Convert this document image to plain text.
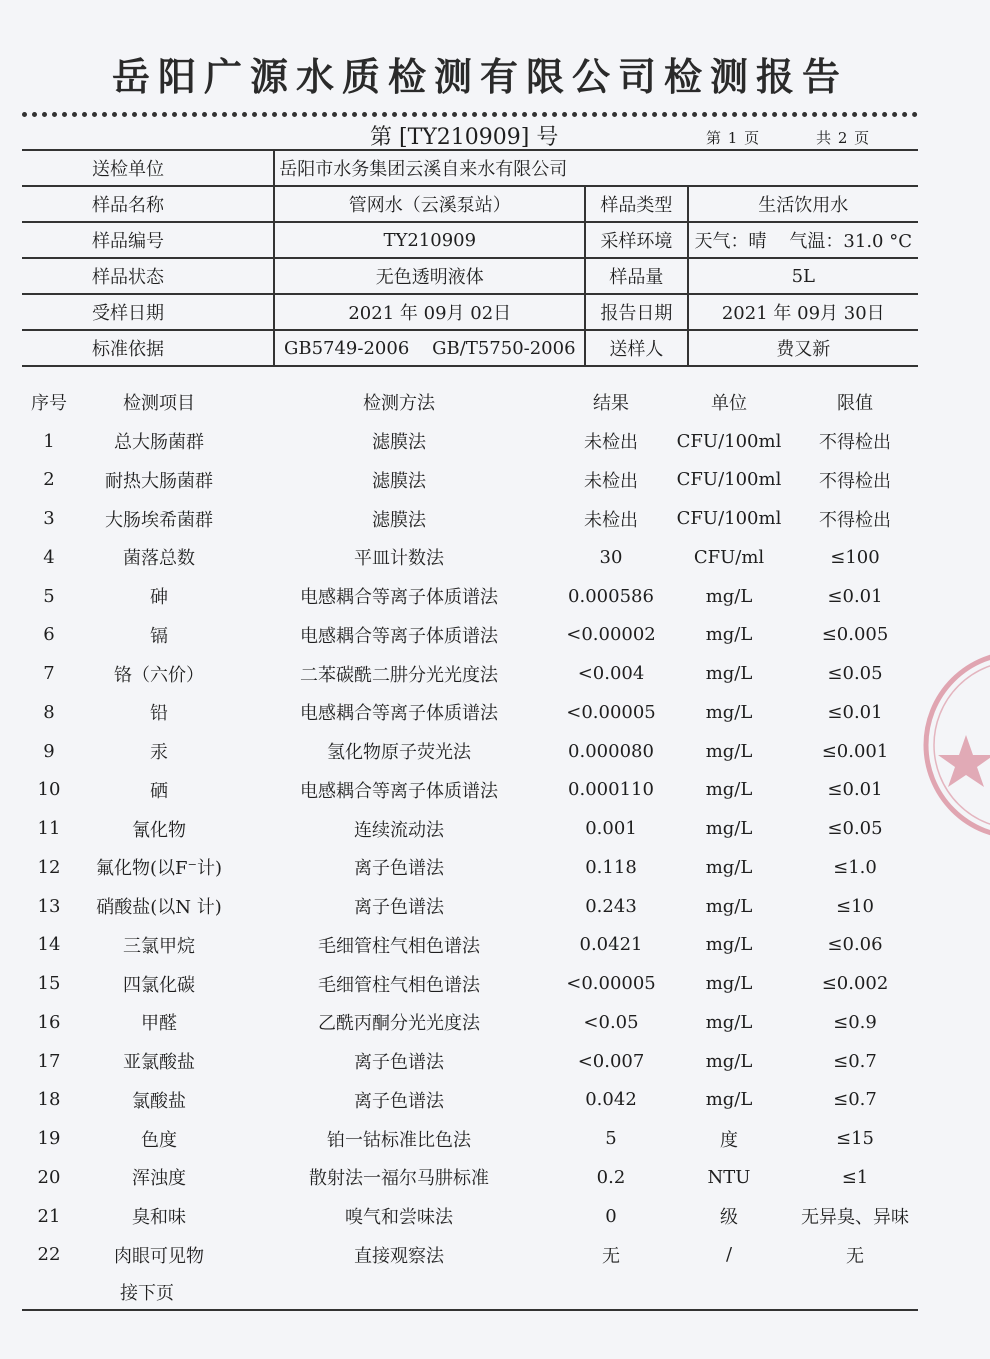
岳阳广源水质检测有限公司检测报告
第 [TY210909] 号	第 1 页	共 2 页
送检单位	岳阳市水务集团云溪自来水有限公司		
样品名称	管网水（云溪泵站）	样品类型	生活饮用水
样品编号	TY210909	采样环境	天气：晴    气温：31.0 °C
样品状态	无色透明液体	样品量	5L
受样日期	2021 年 09月 02日	报告日期	2021 年 09月 30日
标准依据	GB5749-2006    GB/T5750-2006	送样人	费又新
序号	检测项目	检测方法	结果	单位	限值
1	总大肠菌群	滤膜法	未检出	CFU/100ml	不得检出
2	耐热大肠菌群	滤膜法	未检出	CFU/100ml	不得检出
3	大肠埃希菌群	滤膜法	未检出	CFU/100ml	不得检出
4	菌落总数	平皿计数法	30	CFU/ml	≤100
5	砷	电感耦合等离子体质谱法	0.000586	mg/L	≤0.01
6	镉	电感耦合等离子体质谱法	<0.00002	mg/L	≤0.005
7	铬（六价）	二苯碳酰二肼分光光度法	<0.004	mg/L	≤0.05
8	铅	电感耦合等离子体质谱法	<0.00005	mg/L	≤0.01
9	汞	氢化物原子荧光法	0.000080	mg/L	≤0.001
10	硒	电感耦合等离子体质谱法	0.000110	mg/L	≤0.01
11	氰化物	连续流动法	0.001	mg/L	≤0.05
12	氟化物(以F⁻计)	离子色谱法	0.118	mg/L	≤1.0
13	硝酸盐(以N 计)	离子色谱法	0.243	mg/L	≤10
14	三氯甲烷	毛细管柱气相色谱法	0.0421	mg/L	≤0.06
15	四氯化碳	毛细管柱气相色谱法	<0.00005	mg/L	≤0.002
16	甲醛	乙酰丙酮分光光度法	<0.05	mg/L	≤0.9
17	亚氯酸盐	离子色谱法	<0.007	mg/L	≤0.7
18	氯酸盐	离子色谱法	0.042	mg/L	≤0.7
19	色度	铂一钴标准比色法	5	度	≤15
20	浑浊度	散射法一福尔马肼标准	0.2	NTU	≤1
21	臭和味	嗅气和尝味法	0	级	无异臭、异味
22	肉眼可见物	直接观察法	无	/	无
接下页
